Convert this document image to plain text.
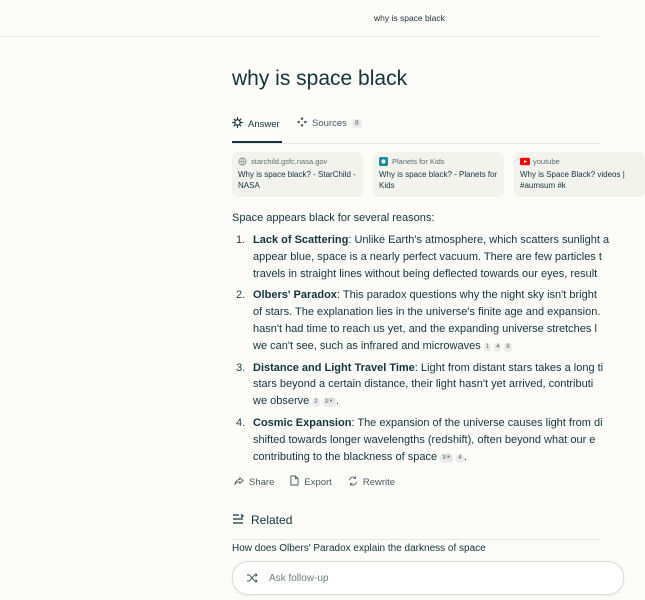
why is space black
why is space black
Answer	Sources	8
starchild.gsfc.nasa.gov
Why is space black? - StarChild - NASA
Planets for Kids
Why is space black? - Planets for Kids
youtube
Why is Space Black? videos | #aumsum #k
Space appears black for several reasons:
1. Lack of Scattering: Unlike Earth's atmosphere, which scatters sunlight a
appear blue, space is a nearly perfect vacuum. There are few particles t
travels in straight lines without being deflected towards our eyes, result
2. Olbers' Paradox: This paradox questions why the night sky isn't bright
of stars. The explanation lies in the universe's finite age and expansion.
hasn't had time to reach us yet, and the expanding universe stretches l
we can't see, such as infrared and microwaves 1 4 8
3. Distance and Light Travel Time: Light from distant stars takes a long ti
stars beyond a certain distance, their light hasn't yet arrived, contributi
we observe 2 3⦿ .
4. Cosmic Expansion: The expansion of the universe causes light from di
shifted towards longer wavelengths (redshift), often beyond what our e
contributing to the blackness of space 3⦿ 4 .
Share	Export	Rewrite
Related
How does Olbers' Paradox explain the darkness of space
Ask follow-up
